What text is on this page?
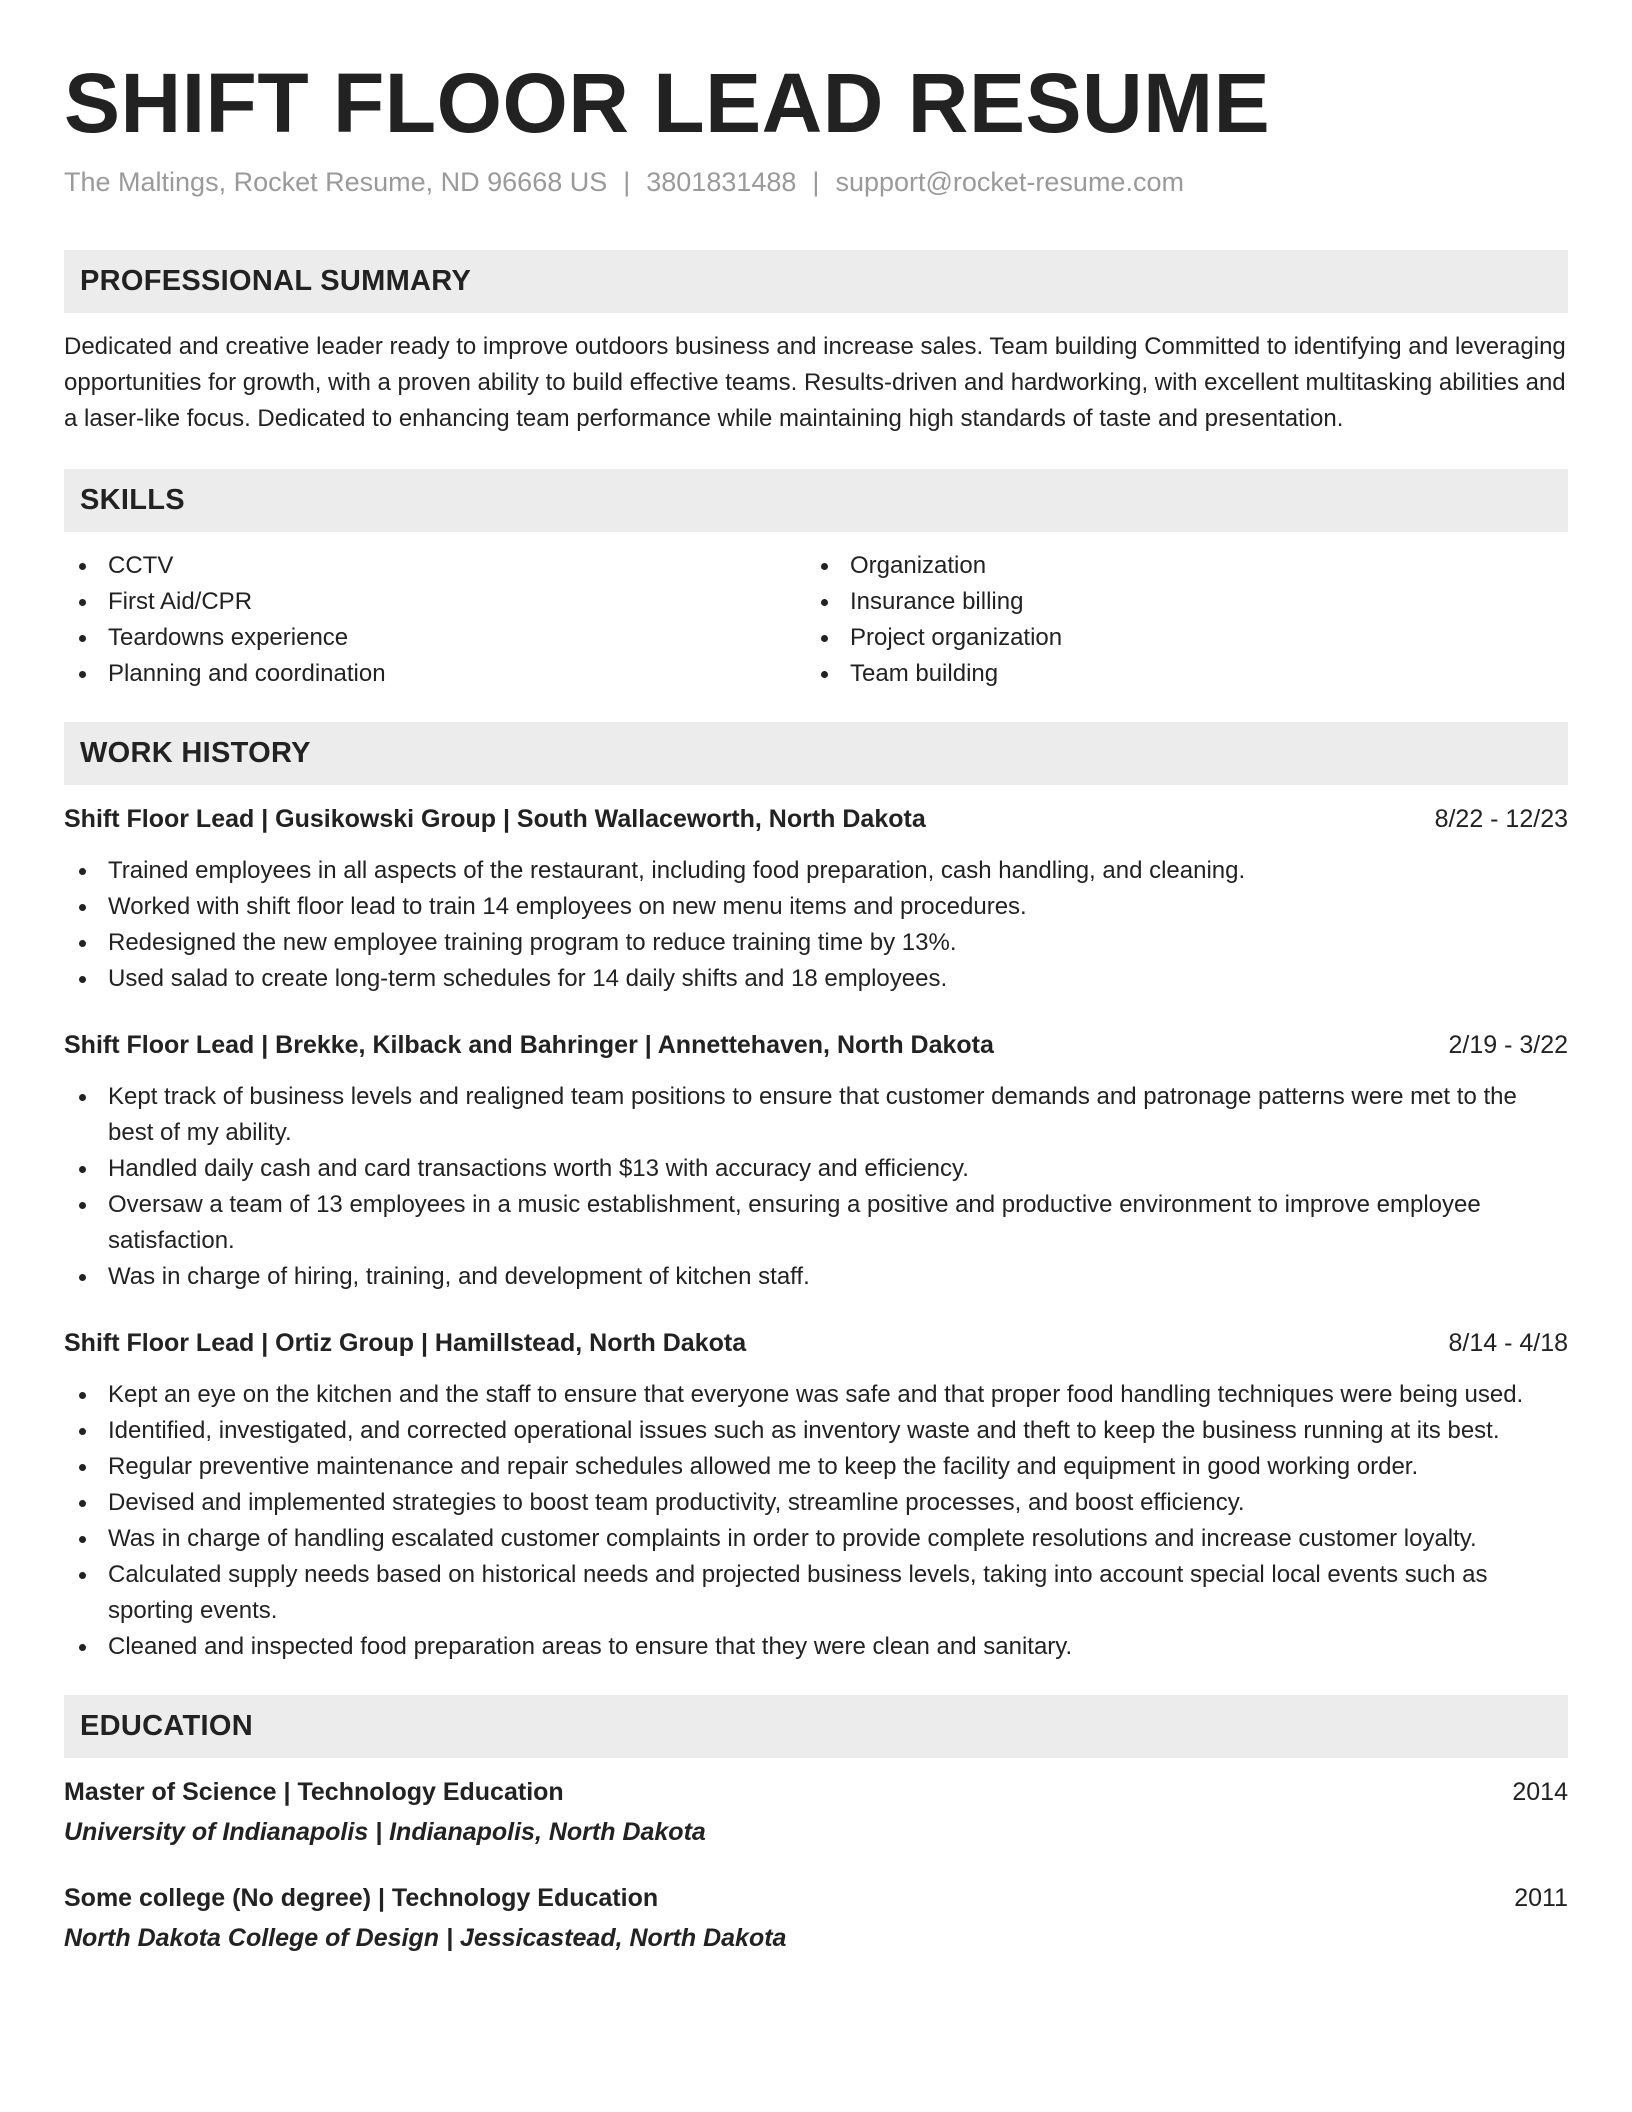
SHIFT FLOOR LEAD RESUME
The Maltings, Rocket Resume, ND 96668 US | 3801831488 | support@rocket-resume.com
PROFESSIONAL SUMMARY
Dedicated and creative leader ready to improve outdoors business and increase sales. Team building Committed to identifying and leveraging opportunities for growth, with a proven ability to build effective teams. Results-driven and hardworking, with excellent multitasking abilities and a laser-like focus. Dedicated to enhancing team performance while maintaining high standards of taste and presentation.
SKILLS
CCTV
First Aid/CPR
Teardowns experience
Planning and coordination
Organization
Insurance billing
Project organization
Team building
WORK HISTORY
Shift Floor Lead | Gusikowski Group | South Wallaceworth, North Dakota	8/22 - 12/23
Trained employees in all aspects of the restaurant, including food preparation, cash handling, and cleaning.
Worked with shift floor lead to train 14 employees on new menu items and procedures.
Redesigned the new employee training program to reduce training time by 13%.
Used salad to create long-term schedules for 14 daily shifts and 18 employees.
Shift Floor Lead | Brekke, Kilback and Bahringer | Annettehaven, North Dakota	2/19 - 3/22
Kept track of business levels and realigned team positions to ensure that customer demands and patronage patterns were met to the best of my ability.
Handled daily cash and card transactions worth $13 with accuracy and efficiency.
Oversaw a team of 13 employees in a music establishment, ensuring a positive and productive environment to improve employee satisfaction.
Was in charge of hiring, training, and development of kitchen staff.
Shift Floor Lead | Ortiz Group | Hamillstead, North Dakota	8/14 - 4/18
Kept an eye on the kitchen and the staff to ensure that everyone was safe and that proper food handling techniques were being used.
Identified, investigated, and corrected operational issues such as inventory waste and theft to keep the business running at its best.
Regular preventive maintenance and repair schedules allowed me to keep the facility and equipment in good working order.
Devised and implemented strategies to boost team productivity, streamline processes, and boost efficiency.
Was in charge of handling escalated customer complaints in order to provide complete resolutions and increase customer loyalty.
Calculated supply needs based on historical needs and projected business levels, taking into account special local events such as sporting events.
Cleaned and inspected food preparation areas to ensure that they were clean and sanitary.
EDUCATION
Master of Science | Technology Education	2014
University of Indianapolis | Indianapolis, North Dakota
Some college (No degree) | Technology Education	2011
North Dakota College of Design | Jessicastead, North Dakota
